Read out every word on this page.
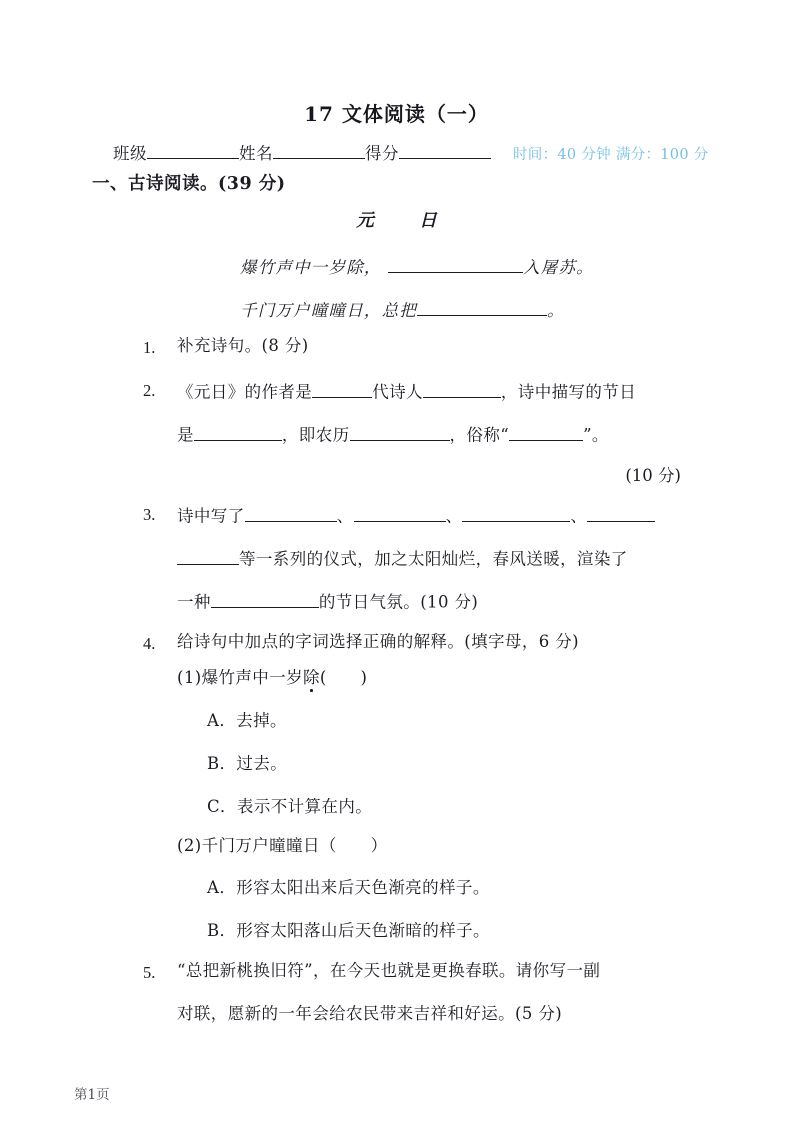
17 文体阅读（一）
班级	姓名	得分	时间：40 分钟 满分：100 分
一、古诗阅读。(39 分)
元　日
爆竹声中一岁除，	入屠苏。
千门万户曈曈日，总把	。
1. 补充诗句。(8 分)
2. 《元日》的作者是	代诗人	，诗中描写的节日
是	，即农历	，俗称“	”。
(10 分)
3. 诗中写了	、	、	、
等一系列的仪式，加之太阳灿烂，春风送暖，渲染了
一种	的节日气氛。(10 分)
4. 给诗句中加点的字词选择正确的解释。(填字母，6 分)
(1)爆竹声中一岁除(　　)
A．去掉。
B．过去。
C．表示不计算在内。
(2)千门万户曈曈日（　　）
A．形容太阳出来后天色渐亮的样子。
B．形容太阳落山后天色渐暗的样子。
5. “总把新桃换旧符”，在今天也就是更换春联。请你写一副
对联，愿新的一年会给农民带来吉祥和好运。(5 分)
第1页
